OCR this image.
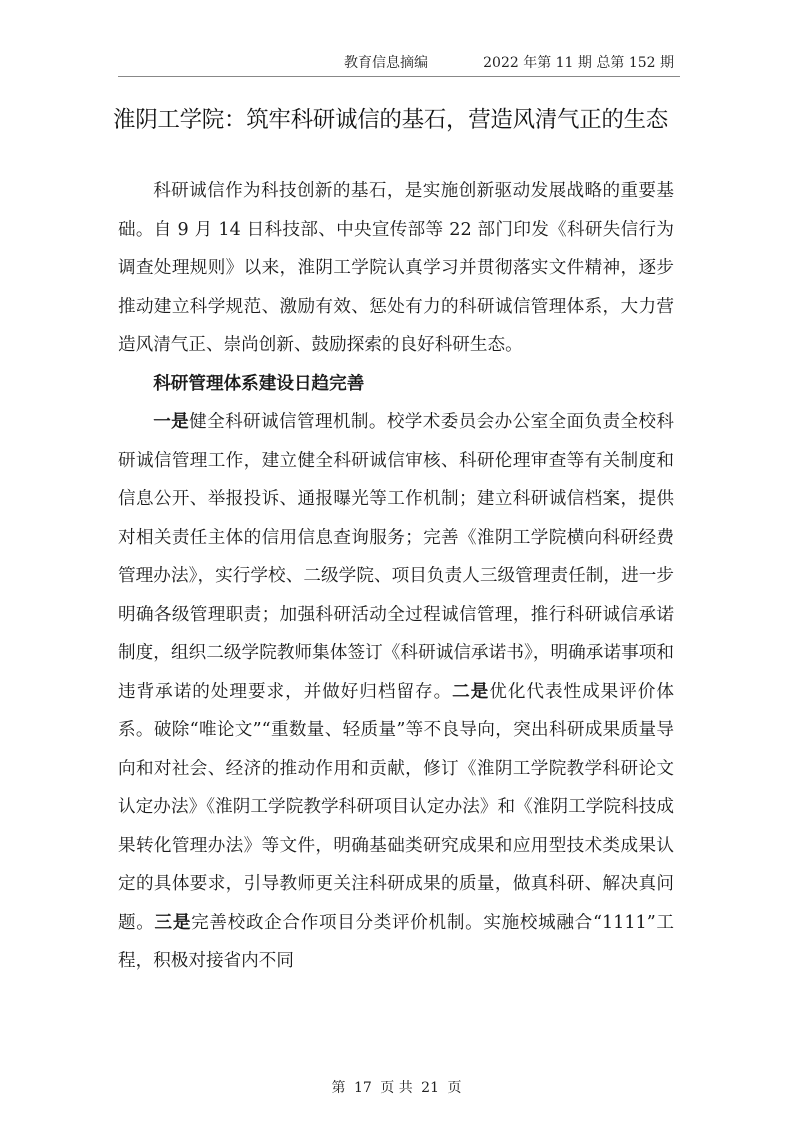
教育信息摘编	2022 年第 11 期 总第 152 期
淮阴工学院：筑牢科研诚信的基石，营造风清气正的生态

科研诚信作为科技创新的基石，是实施创新驱动发展战略的重要基础。自 9 月 14 日科技部、中央宣传部等 22 部门印发《科研失信行为调查处理规则》以来，淮阴工学院认真学习并贯彻落实文件精神，逐步推动建立科学规范、激励有效、惩处有力的科研诚信管理体系，大力营造风清气正、崇尚创新、鼓励探索的良好科研生态。

科研管理体系建设日趋完善

一是健全科研诚信管理机制。校学术委员会办公室全面负责全校科研诚信管理工作，建立健全科研诚信审核、科研伦理审查等有关制度和信息公开、举报投诉、通报曝光等工作机制；建立科研诚信档案，提供对相关责任主体的信用信息查询服务；完善《淮阴工学院横向科研经费管理办法》，实行学校、二级学院、项目负责人三级管理责任制，进一步明确各级管理职责；加强科研活动全过程诚信管理，推行科研诚信承诺制度，组织二级学院教师集体签订《科研诚信承诺书》，明确承诺事项和违背承诺的处理要求，并做好归档留存。二是优化代表性成果评价体系。破除“唯论文”“重数量、轻质量”等不良导向，突出科研成果质量导向和对社会、经济的推动作用和贡献，修订《淮阴工学院教学科研论文认定办法》《淮阴工学院教学科研项目认定办法》和《淮阴工学院科技成果转化管理办法》等文件，明确基础类研究成果和应用型技术类成果认定的具体要求，引导教师更关注科研成果的质量，做真科研、解决真问题。三是完善校政企合作项目分类评价机制。实施校城融合“1111”工程，积极对接省内不同

第 17 页 共 21 页
